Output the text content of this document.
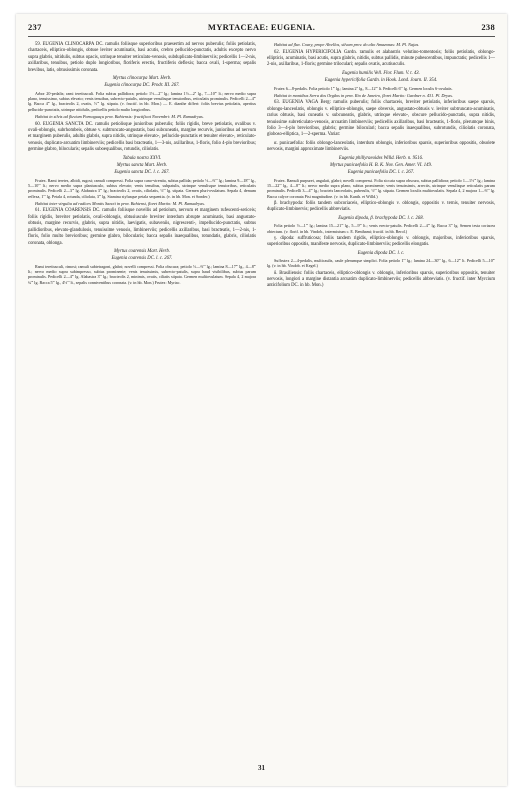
237	MYRTACEAE: EUGENIA.	238

59. EUGENIA CLINOCARPA DC. ramulis foliisque superioribus praesertim ad nervos puberulis; foliis petiolatis, chartaceis, elliptico-oblongis, obtuse leviter acuminatis, basi acutis, crebro pellucido-punctatis, adultis excepto nervo supra glabris, nitidulis, subtus opacis, utrinque tenuiter reticulato-venosis, subduplicato-limbinerviis; pedicellis 1—2-nis, axillaribus, tenuibus, petiolo duplo longioribus, floriferis erectis, fructiferis deflexis; bacca ovali, 1-sperma; sepalis brevibus, latis, obtusissimis coronata.

Myrtus clinocarpa Mart. Herb.

Eugenia clinocarpa DC. Prodr. III. 267.

Arbor 20-pedalis; rami teretiusculi. Folia subtus pallidiora; petiolo 1½—2''' lg.; lamina 1½—2'' lg., 7—10''' lt.; nervo medio supra plano, tenuissimo, subtus elevato; venis tenuibus, subrecto-patulis, utrinque venulisque tenuioribus, reticulatis prominulis. Pedicelli 2—4''' lg. Bacca 4''' lg., bracteolis 2, ovatis, ⅓''' lg. stipata. (v. fructif. in hb. Mon.) — E. dianthe differt: foliis brevius petiolatis, apertius pellucido-punctatis, utrinque nitidulis, pedicellis petiolo multo longioribus.

Habitat in silvis ad fluvium Parnaguaçu prov. Bahiensis: fructificat Novembri: M. Pl. Ramadryas.

60. EUGENIA SANCTA DC. ramulis petiolisque junioribus puberulis; foliis rigidis, breve petiolatis, ovalibus v. ovali-oblongis, subrhombeis, obtuse v. subtruncato-angustatis, basi subcuneatis, margine recurvis, junioribus ad nervum et marginem puberulis, adultis glabris, supra nitidis, utrinque elevato-, pellucido-punctatis et tenuiter elevato-, reticulato-venosis, duplicato-arcuatim limbinerviis; pedicellis basi bracteatis, 1—3-nis, axillaribus, 1-floris, folio 4-plo brevioribus; germine glabro, bilocularis; sepalis suboequalibus, rotundis, ciliolatis.

Tabula nostra XXVI.

Myrtus sancta Mart. Herb.

Eugenia sancta DC. l. c. 267.

Frutex. Rami teretes, albidi, rugosi; ramuli compressi. Folia supra cano-virentia, subtus pallida; petiolo ½—⅔''' lg.; lamina 9—18''' lg., 5—10''' lt.; nervo medio supra planiusculo, subtus elevato; venis tenuibus, subpatulis, utrinque venulisque tenuioribus, reticulatis prominulis. Pedicelli 2—3''' lg. Alabastra 3''' lg.; bracteolis 2, ovatis, ciliolatis, ⅓''' lg. stipata. Germen pluri-ovulatum. Sepala 4, demum reflexa, 1''' lg. Petala 4, rotunda, ciliolata, 3''' lg. Stamina stylusque petala sequentia. (v. in hb. Mon. et Sonder.)

Habitat inter virgulta ad radices Montis Sancti in prov. Bahiensi, floret Martio: M. Pl. Ramadryas.

61. EUGENIA COARENSIS DC. ramulis foliisque novellis ad petiolum, nervum et marginem rufescenti-sericeis; foliis rigidis, breviter petiolatis, ovali-oblongis, obtusiuscule breviter interdum abrupte acuminatis, basi angustato-obtusis, margine recurvis, glabris, supra nitidis, laevigatis, subaveniis, nigrescenti-, impellucido-punctatis, subtus pallidioribus, elevato-glandulosis, tenuissime venosis, limbinerviis; pedicellis axillaribus, basi bracteatis, 1—2-nis, 1-floris, folio multo brevioribus; germine glabro, bilocularis; bacca sepalis inaequalibus, rotundatis, glabris, ciliolatis coronata, oblonga.

Myrtus coarensis Mart. Herb.

Eugenia coarensis DC. l. c. 267.

Rami teretiusculi, rimosi; ramuli subtetragoni, glabri; novelli compressi. Folia obscura; petiolo ⅓—⅔''' lg.; lamina 8—17''' lg., 4—8''' lt.; nervo medio supra subimpresso, subtus prominente; venis tenuissimis, subrecto-patulis, supra haud visibilibus, subtus parum prominulis. Pedicelli 2—4''' lg. Alabastra 3''' lg.; bracteolis 2, minimis, ovatis, ciliatis stipata. Germen multiovulatum. Sepala 4, 2 majora ¾''' lg. Bacca 5''' lg., 4½''' lt., sepalis conniventibus coronata. (v. in hb. Mon.) Frutex: Myrtac.

Habitat ad fluv. Coary, prope Alvellos, silvam prov. do alto Amazonas: M. Pl. Najas.

62. EUGENIA HYPERICIFOLIA Gardn. ramulis et alabastris velutino-tomentosis; foliis petiolatis, oblongo-ellipticis, acuminatis, basi acutis, supra glabris, nitidis, subtus pallidis, minute pubescentibus, impunctatis; pedicellis 1—2-nis, axillaribus, 1-floris; germine triloculari; sepalis ovatis, acutiusculis.

Eugenia humilis Vell. Flor. Flum. V. t. 43.

Eugenia hypericifolia Gardn. in Hook. Lond. Journ. II. 354.

Frutex 6—8-pedalis. Folia petiolo 1''' lg.; lamina 2'' lg., 8—12''' lt. Pedicelli 6''' lg. Germen loculis 6-ovulatis.

Habitat in montibus Serra dos Orgãos in prov. Rio de Janeiro, floret Martio: Gardner n. 431. Pl. Dryas.

63. EUGENIA VAGA Berg: ramulis puberulis; foliis chartaceis, breviter petiolatis, inferioribus saepe sparsis, oblongo-lanceolatis, oblongis v. elliptico-oblongis, saepe obversis, angustato-obtusis v. leviter subtruncato-acuminatis, rarius obtusis, basi cuneatis v. subcuneatis, glabris, utrinque elevato-, obscure pellucido-punctatis, supra nitidis, tenuissime subreticulato-venosis, arcuatim limbinerviis; pedicellis axillaribus, basi bracteatis, 1-floris, plerumque binis, folio 3—4-plo brevioribus, glabris; germine biloculari; bacca sepalis inaequalibus, subrotundis, ciliolatis coronata, globoso-elliptica, 1—2-sperma. Variat:

α. punicaefolia: foliis oblongo-lanceolatis, interdum oblongis, inferioribus sparsis, superioribus oppositis, obsolete nervosis, margini approximate limbinerviis.

Eugenia phillyraeoides Willd. Herb. n. 9516.

Myrtus punicaefolia H. B. K. Nov. Gen. Amer. VI. 149.

Eugenia punicaefolia DC. l. c. 267.

Frutex. Ramuli purpurei, angulati, glabri; novelli compressi. Folia siccata supra obscura, subtus pallidiora; petiolo 1—1½''' lg.; lamina 15—22''' lg., 4—8''' lt.; nervo medio supra plano, subtus prominente; venis tenuissimis, arrectis, utrinque venulisque reticulatis parum prominulis. Pedicelli 3—4''' lg.; bracteis lanceolatis, puberulis, ½''' lg. stipata. Germen loculis multiovulatis. Sepala 4, 2 majora 1—⅔''' lg. Bacca calyce coronata Pisi magnitudine. (v. in hb. Kunth. et Willd.)

β. brachypoda: foliis tandem subcoriaceis, elliptico-oblongis v. oblongis, oppositis v. ternis, tenuiter nervosis, duplicato-limbinervis; pedicellis abbreviatis.

Eugenia dipoda, β. brachypoda DC. l. c. 268.

Folia petiolo ½—1''' lg.; lamina 15—21''' lg., 5—9''' lt.; venis erecto-patulis. Pedicelli 2—4''' lg. Bacca 3''' lg. Semen testa coriacea obtectum. (v. florif. in hb. Vindob., intermixtum c. E. Benthami; fructif. in hb. Berol.)

γ. dipoda: suffruticosa; foliis tandem rigidis, elliptico-oblongis v. oblongis, majoribus, inferioribus sparsis, superioribus oppositis, manifeste nervosis, duplicato-limbinerviis; pedicellis elongatis.

Eugenia dipoda DC. l. c.

Suffrutex 2—4-pedalis, multicaulis, caule plerumque simplici. Folia petiolo 1''' lg.; lamina 24—30''' lg., 6—12''' lt. Pedicelli 5—10''' lg. (v. in hb. Vindob. et Kegel.)

δ. Brasiliensis: foliis chartaceis, elliptico-oblongis v. oblongis, inferioribus sparsis, superioribus oppositis, tenuiter nervosis, longiori a margine distantia arcuatim duplicato-limbinerviis; pedicellis abbreviatis. (v. fructif. inter Myrcium anticifolium DC. in hb. Mon.)

31
